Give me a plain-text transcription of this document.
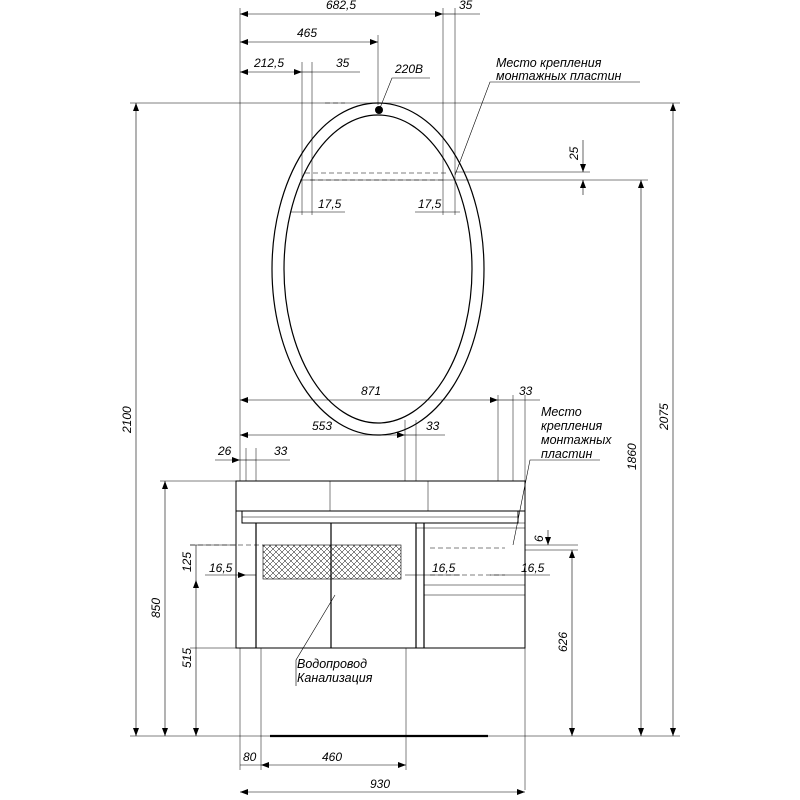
682,5	35
465
212,5	35	220В
25
17,5	17,5
871	33
553	33
26	33
2100	2075
1860
6
125 16,5	16,5	16,5
850
515
626
80	460
930
Место крепления
монтажных пластин
Место
крепления
монтажных
пластин
Водопровод
Канализация
